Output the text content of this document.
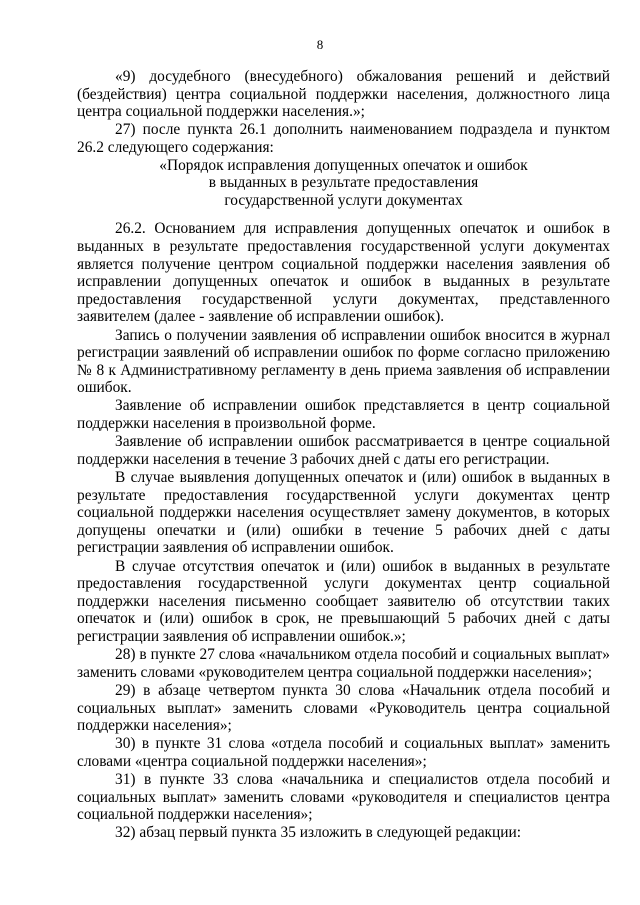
8

«9) досудебного (внесудебного) обжалования решений и действий (бездействия) центра социальной поддержки населения, должностного лица центра социальной поддержки населения.»;

27) после пункта 26.1 дополнить наименованием подраздела и пунктом 26.2 следующего содержания:

«Порядок исправления допущенных опечаток и ошибок
в выданных в результате предоставления
государственной услуги документах

26.2. Основанием для исправления допущенных опечаток и ошибок в выданных в результате предоставления государственной услуги документах является получение центром социальной поддержки населения заявления об исправлении допущенных опечаток и ошибок в выданных в результате предоставления государственной услуги документах, представленного заявителем (далее - заявление об исправлении ошибок).

Запись о получении заявления об исправлении ошибок вносится в журнал регистрации заявлений об исправлении ошибок по форме согласно приложению № 8 к Административному регламенту в день приема заявления об исправлении ошибок.

Заявление об исправлении ошибок представляется в центр социальной поддержки населения в произвольной форме.

Заявление об исправлении ошибок рассматривается в центре социальной поддержки населения в течение 3 рабочих дней с даты его регистрации.

В случае выявления допущенных опечаток и (или) ошибок в выданных в результате предоставления государственной услуги документах центр социальной поддержки населения осуществляет замену документов, в которых допущены опечатки и (или) ошибки в течение 5 рабочих дней с даты регистрации заявления об исправлении ошибок.

В случае отсутствия опечаток и (или) ошибок в выданных в результате предоставления государственной услуги документах центр социальной поддержки населения письменно сообщает заявителю об отсутствии таких опечаток и (или) ошибок в срок, не превышающий 5 рабочих дней с даты регистрации заявления об исправлении ошибок.»;

28) в пункте 27 слова «начальником отдела пособий и социальных выплат» заменить словами «руководителем центра социальной поддержки населения»;

29) в абзаце четвертом пункта 30 слова «Начальник отдела пособий и социальных выплат» заменить словами «Руководитель центра социальной поддержки населения»;

30) в пункте 31 слова «отдела пособий и социальных выплат» заменить словами «центра социальной поддержки населения»;

31) в пункте 33 слова «начальника и специалистов отдела пособий и социальных выплат» заменить словами «руководителя и специалистов центра социальной поддержки населения»;

32) абзац первый пункта 35 изложить в следующей редакции:
